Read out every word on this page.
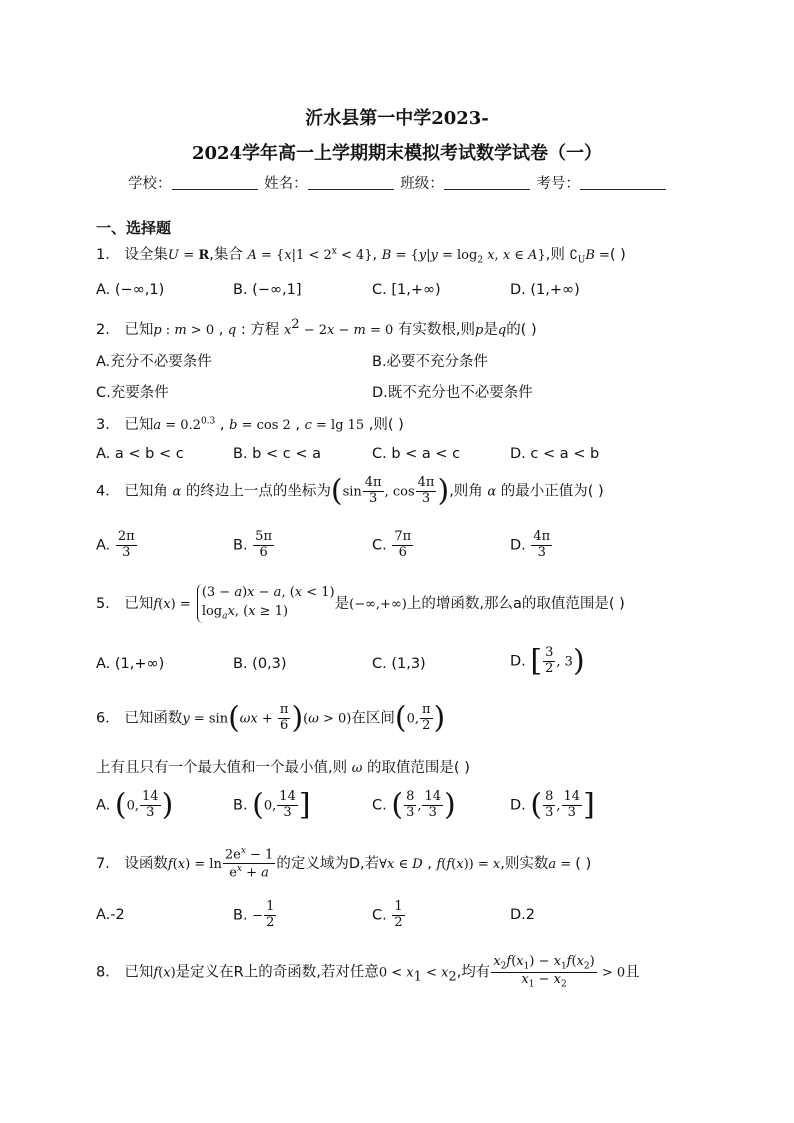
沂水县第一中学2023-
2024学年高一上学期期末模拟考试数学试卷（一）
学校：	姓名：	班级：	考号：
一、选择题
1． 设全集U = R,集合 $A = \{x|1 < 2^x < 4\}$, $B = \{y|y = \log_2 x$, x ∈ A},则 $∁_UB$ =( )
A. (−∞,1)	B. (−∞,1]	C. [1,+∞)	D. (1,+∞)
2． 已知p : m > 0 , q : 方程 $x^2 - 2x - m = 0$ 有实数根,则p是q的( )
A.充分不必要条件	B.必要不充分条件
C.充要条件	D.既不充分也不必要条件
3． 已知$a = 0.2^{0.3}$ , b = cos 2 , c = lg 15 ,则( )
A. a < b < c	B. b < c < a	C. b < a < c	D. c < a < b
4． 已知角 α 的终边上一点的坐标为($\sin \frac{4\pi}{3}$ , $\cos \frac{4\pi}{3}$ ),则角 α 的最小正值为( )
A. $\frac{2\pi}{3}$	B. $\frac{5\pi}{6}$	C. $\frac{7\pi}{6}$	D. $\frac{4\pi}{3}$
5． 已知f(x) = (3 − a)x − a, (x < 1)
$\log_ax$, (x ≥ 1)	是(−∞,+∞)上的增函数,那么a的取值范围是( )
A. (1,+∞)	B. (0,3)	C. (1,3)	D. [ $\frac{3}{2}$ , 3)
6． 已知函数$y = \sin(\omega x + \frac{\pi}{6} )(\omega > 0)$在区间(0, $\frac{\pi}{2}$ )
上有且只有一个最大值和一个最小值,则 ω 的取值范围是( )
A. (0, $\frac{14}{3}$ )	B. (0, $\frac{14}{3}$ ]	C. ( $\frac{8}{3}$ , $\frac{14}{3}$ )	D. ( $\frac{8}{3}$ , $\frac{14}{3}$ ]
7． 设函数$f(x) = \ln \frac{2e^x - 1}{e^x + a}$ 的定义域为D,若∀x ∈ D , f(f(x)) = x,则实数a = ( )
A.-2	B. − $\frac{1}{2}$	C. $\frac{1}{2}$	D.2
8． 已知f(x)是定义在R上的奇函数,若对任意$0 < x_1 < x_2$,均有 $\frac{x_2f(x_1) - x_1f(x_2)}{x_1 - x_2} > 0$且
